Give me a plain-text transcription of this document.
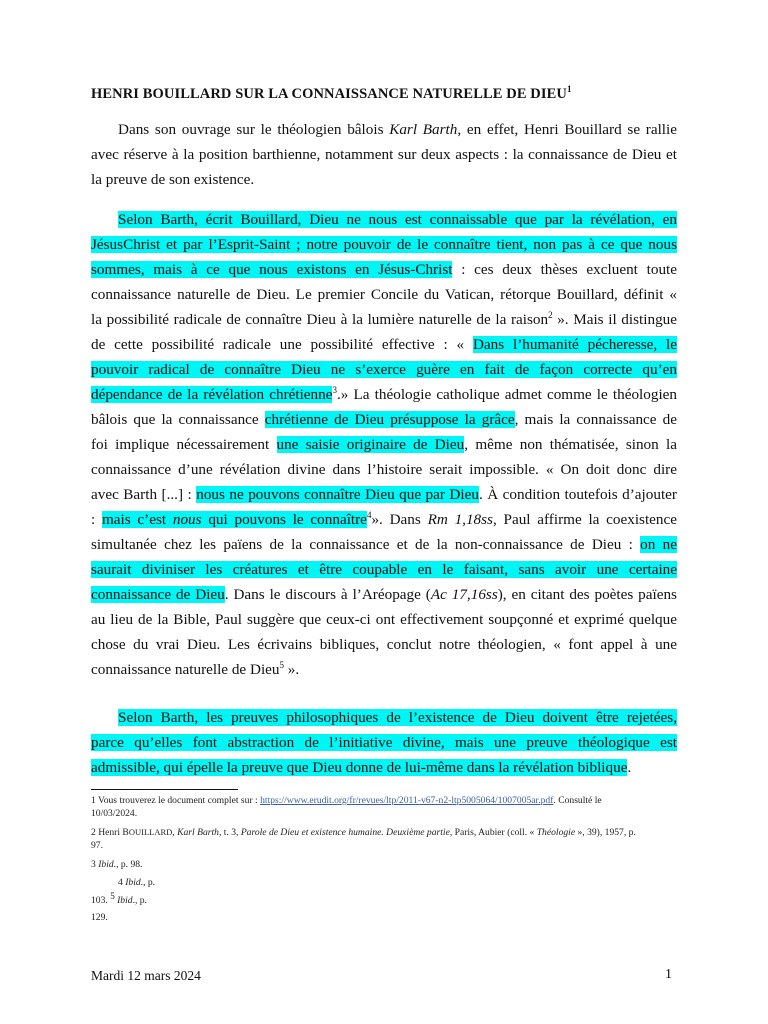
HENRI BOUILLARD SUR LA CONNAISSANCE NATURELLE DE DIEU$^1$

Dans son ouvrage sur le théologien bâlois Karl Barth, en effet, Henri Bouillard se rallie
avec réserve à la position barthienne, notamment sur deux aspects : la connaissance de Dieu et
la preuve de son existence.

Selon Barth, écrit Bouillard, Dieu ne nous est connaissable que par la révélation, en
JésusChrist et par l’Esprit-Saint ; notre pouvoir de le connaître tient, non pas à ce que nous
sommes, mais à ce que nous existons en Jésus-Christ : ces deux thèses excluent toute
connaissance naturelle de Dieu. Le premier Concile du Vatican, rétorque Bouillard, définit «
la possibilité radicale de connaître Dieu à la lumière naturelle de la raison$^2$ ». Mais il distingue
de cette possibilité radicale une possibilité effective : « Dans l’humanité pécheresse, le
pouvoir radical de connaître Dieu ne s’exerce guère en fait de façon correcte qu’en
dépendance de la révélation chrétienne$^3$.» La théologie catholique admet comme le théologien
bâlois que la connaissance chrétienne de Dieu présuppose la grâce, mais la connaissance de
foi implique nécessairement une saisie originaire de Dieu, même non thématisée, sinon la
connaissance d’une révélation divine dans l’histoire serait impossible. « On doit donc dire
avec Barth [...] : nous ne pouvons connaître Dieu que par Dieu. À condition toutefois d’ajouter
: mais c’est nous qui pouvons le connaître$^4$». Dans Rm 1,18ss, Paul affirme la coexistence
simultanée chez les païens de la connaissance et de la non-connaissance de Dieu : on ne
saurait diviniser les créatures et être coupable en le faisant, sans avoir une certaine
connaissance de Dieu. Dans le discours à l’Aréopage (Ac 17,16ss), en citant des poètes païens
au lieu de la Bible, Paul suggère que ceux-ci ont effectivement soupçonné et exprimé quelque
chose du vrai Dieu. Les écrivains bibliques, conclut notre théologien, « font appel à une
connaissance naturelle de Dieu$^5$ ».

Selon Barth, les preuves philosophiques de l’existence de Dieu doivent être rejetées,
parce qu’elles font abstraction de l’initiative divine, mais une preuve théologique est
admissible, qui épelle la preuve que Dieu donne de lui-même dans la révélation biblique.

1 Vous trouverez le document complet sur : https://www.erudit.org/fr/revues/ltp/2011-v67-n2-ltp5005064/1007005ar.pdf. Consulté le
10/03/2024.
2 Henri BOUILLARD, Karl Barth, t. 3, Parole de Dieu et existence humaine. Deuxième partie, Paris, Aubier (coll. « Théologie », 39), 1957, p.
97.
3 Ibid., p. 98.
4 Ibid., p.
103. $^5$ Ibid., p.
129.
Mardi 12 mars 2024	1
